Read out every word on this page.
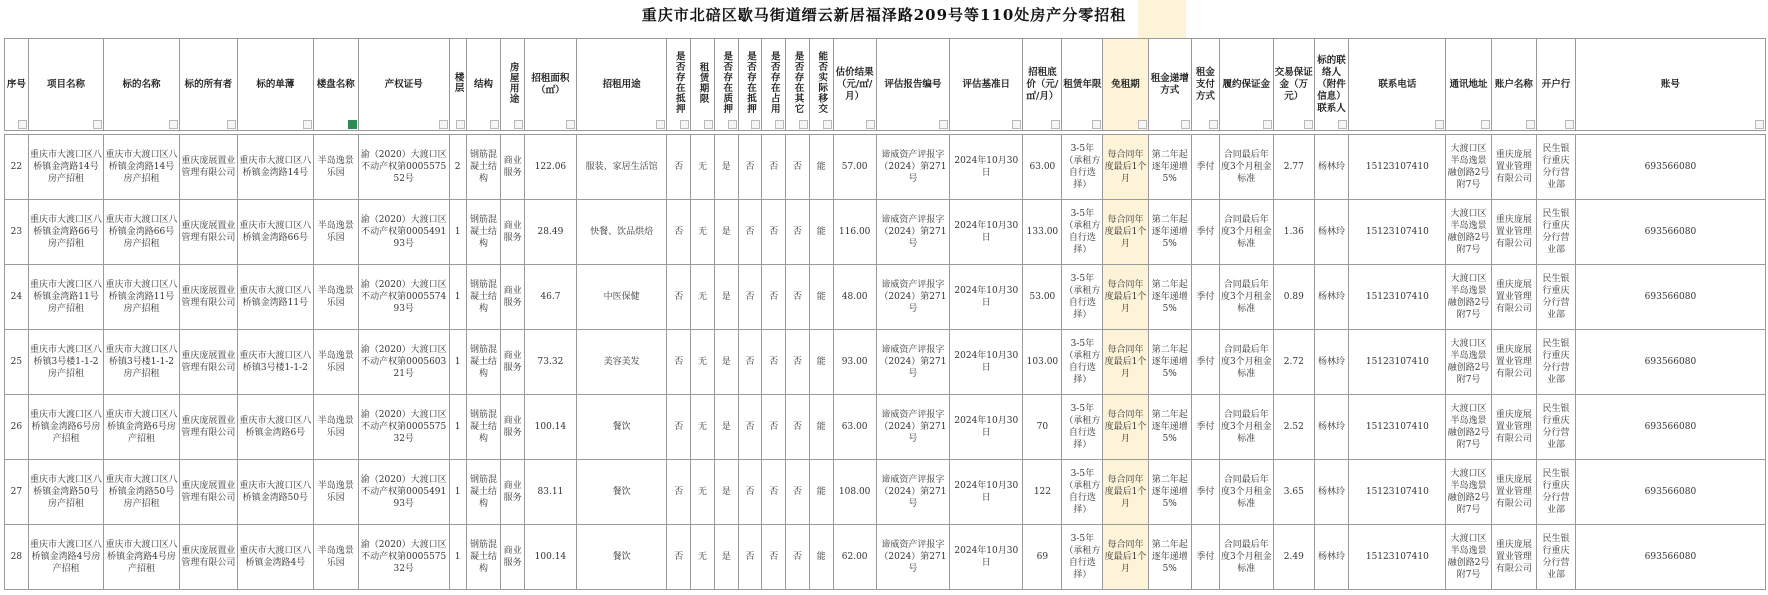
重庆市北碚区歇马街道缙云新居福泽路209号等110处房产分零招租
序号	项目名称	标的名称	标的所有者	标的单薄	楼盘名称	产权证号	楼层	结构	房屋用途	招租面积（㎡）	招租用途	是否存在抵押	租赁期限	是否存在质押	是否存在抵押	是否存在占用	是否存在其它	能否实际移交	估价结果（元/㎡/月）	评估报告编号	评估基准日	招租底价（元/㎡/月）	租赁年限	免租期	租金递增方式	租金支付方式	履约保证金	交易保证金（万元）	标的联络人（附件信息）联系人	联系电话	通讯地址	账户名称	开户行	账号

22	重庆市大渡口区八桥镇金湾路14号房产招租	重庆市大渡口区八桥镇金湾路14号房产招租	重庆庞展置业管理有限公司	重庆市大渡口区八桥镇金湾路14号	半岛逸景乐园	渝（2020）大渡口区不动产权第000557552号	2	钢筋混凝土结构	商业服务	122.06	服装、家居生活馆	否	无	是	否	否	否	能	57.00	谛威资产评报字（2024）第271号	2024年10月30日	63.00	3-5年（承租方自行选择）	每合同年度最后1个月	第二年起逐年递增5%	季付	合同最后年度3个月租金标准	2.77	杨林玲	15123107410	大渡口区半岛逸景融创路2号附7号	重庆庞展置业管理有限公司	民生银行重庆分行营业部	693566080
23	重庆市大渡口区八桥镇金湾路66号房产招租	重庆市大渡口区八桥镇金湾路66号房产招租	重庆庞展置业管理有限公司	重庆市大渡口区八桥镇金湾路66号	半岛逸景乐园	渝（2020）大渡口区不动产权第000549193号	1	钢筋混凝土结构	商业服务	28.49	快餐、饮品烘焙	否	无	是	否	否	否	能	116.00	谛威资产评报字（2024）第271号	2024年10月30日	133.00	3-5年（承租方自行选择）	每合同年度最后1个月	第二年起逐年递增5%	季付	合同最后年度3个月租金标准	1.36	杨林玲	15123107410	大渡口区半岛逸景融创路2号附7号	重庆庞展置业管理有限公司	民生银行重庆分行营业部	693566080
24	重庆市大渡口区八桥镇金湾路11号房产招租	重庆市大渡口区八桥镇金湾路11号房产招租	重庆庞展置业管理有限公司	重庆市大渡口区八桥镇金湾路11号	半岛逸景乐园	渝（2020）大渡口区不动产权第000557493号	1	钢筋混凝土结构	商业服务	46.7	中医保健	否	无	是	否	否	否	能	48.00	谛威资产评报字（2024）第271号	2024年10月30日	53.00	3-5年（承租方自行选择）	每合同年度最后1个月	第二年起逐年递增5%	季付	合同最后年度3个月租金标准	0.89	杨林玲	15123107410	大渡口区半岛逸景融创路2号附7号	重庆庞展置业管理有限公司	民生银行重庆分行营业部	693566080
25	重庆市大渡口区八桥镇3号楼1-1-2房产招租	重庆市大渡口区八桥镇3号楼1-1-2房产招租	重庆庞展置业管理有限公司	重庆市大渡口区八桥镇3号楼1-1-2	半岛逸景乐园	渝（2020）大渡口区不动产权第000560321号	1	钢筋混凝土结构	商业服务	73.32	美容美发	否	无	是	否	否	否	能	93.00	谛威资产评报字（2024）第271号	2024年10月30日	103.00	3-5年（承租方自行选择）	每合同年度最后1个月	第二年起逐年递增5%	季付	合同最后年度3个月租金标准	2.72	杨林玲	15123107410	大渡口区半岛逸景融创路2号附7号	重庆庞展置业管理有限公司	民生银行重庆分行营业部	693566080
26	重庆市大渡口区八桥镇金湾路6号房产招租	重庆市大渡口区八桥镇金湾路6号房产招租	重庆庞展置业管理有限公司	重庆市大渡口区八桥镇金湾路6号	半岛逸景乐园	渝（2020）大渡口区不动产权第000557532号	1	钢筋混凝土结构	商业服务	100.14	餐饮	否	无	是	否	否	否	能	63.00	谛威资产评报字（2024）第271号	2024年10月30日	70	3-5年（承租方自行选择）	每合同年度最后1个月	第二年起逐年递增5%	季付	合同最后年度3个月租金标准	2.52	杨林玲	15123107410	大渡口区半岛逸景融创路2号附7号	重庆庞展置业管理有限公司	民生银行重庆分行营业部	693566080
27	重庆市大渡口区八桥镇金湾路50号房产招租	重庆市大渡口区八桥镇金湾路50号房产招租	重庆庞展置业管理有限公司	重庆市大渡口区八桥镇金湾路50号	半岛逸景乐园	渝（2020）大渡口区不动产权第000549193号	1	钢筋混凝土结构	商业服务	83.11	餐饮	否	无	是	否	否	否	能	108.00	谛威资产评报字（2024）第271号	2024年10月30日	122	3-5年（承租方自行选择）	每合同年度最后1个月	第二年起逐年递增5%	季付	合同最后年度3个月租金标准	3.65	杨林玲	15123107410	大渡口区半岛逸景融创路2号附7号	重庆庞展置业管理有限公司	民生银行重庆分行营业部	693566080
28	重庆市大渡口区八桥镇金湾路4号房产招租	重庆市大渡口区八桥镇金湾路4号房产招租	重庆庞展置业管理有限公司	重庆市大渡口区八桥镇金湾路4号	半岛逸景乐园	渝（2020）大渡口区不动产权第000557532号	1	钢筋混凝土结构	商业服务	100.14	餐饮	否	无	是	否	否	否	能	62.00	谛威资产评报字（2024）第271号	2024年10月30日	69	3-5年（承租方自行选择）	每合同年度最后1个月	第二年起逐年递增5%	季付	合同最后年度3个月租金标准	2.49	杨林玲	15123107410	大渡口区半岛逸景融创路2号附7号	重庆庞展置业管理有限公司	民生银行重庆分行营业部	693566080
